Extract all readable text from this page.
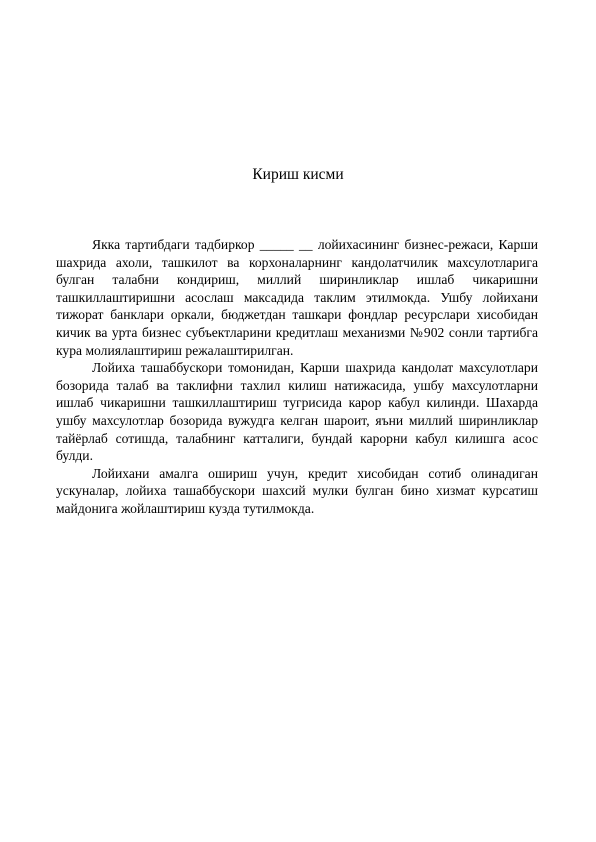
Кириш кисми

Якка тартибдаги тадбиркор _____ __ лойихасининг бизнес-режаси, Карши шахрида ахоли, ташкилот ва корхоналарнинг кандолатчилик махсулотларига булган талабни кондириш, миллий ширинликлар ишлаб чикаришни ташкиллаштиришни асослаш максадида таклим этилмокда. Ушбу лойихани тижорат банклари оркали, бюджетдан ташкари фондлар ресурслари хисобидан кичик ва урта бизнес субъектларини кредитлаш механизми №902 сонли тартибга кура молиялаштириш режалаштирилган.

Лойиха ташаббускори томонидан, Карши шахрида кандолат махсулотлари бозорида талаб ва таклифни тахлил килиш натижасида, ушбу махсулотларни ишлаб чикаришни ташкиллаштириш тугрисида карор кабул килинди. Шахарда ушбу махсулотлар бозорида вужудга келган шароит, яъни миллий ширинликлар тайёрлаб сотишда, талабнинг катталиги, бундай карорни кабул килишга асос булди.

Лойихани амалга ошириш учун, кредит хисобидан сотиб олинадиган ускуналар, лойиха ташаббускори шахсий мулки булган бино хизмат курсатиш майдонига жойлаштириш кузда тутилмокда.
